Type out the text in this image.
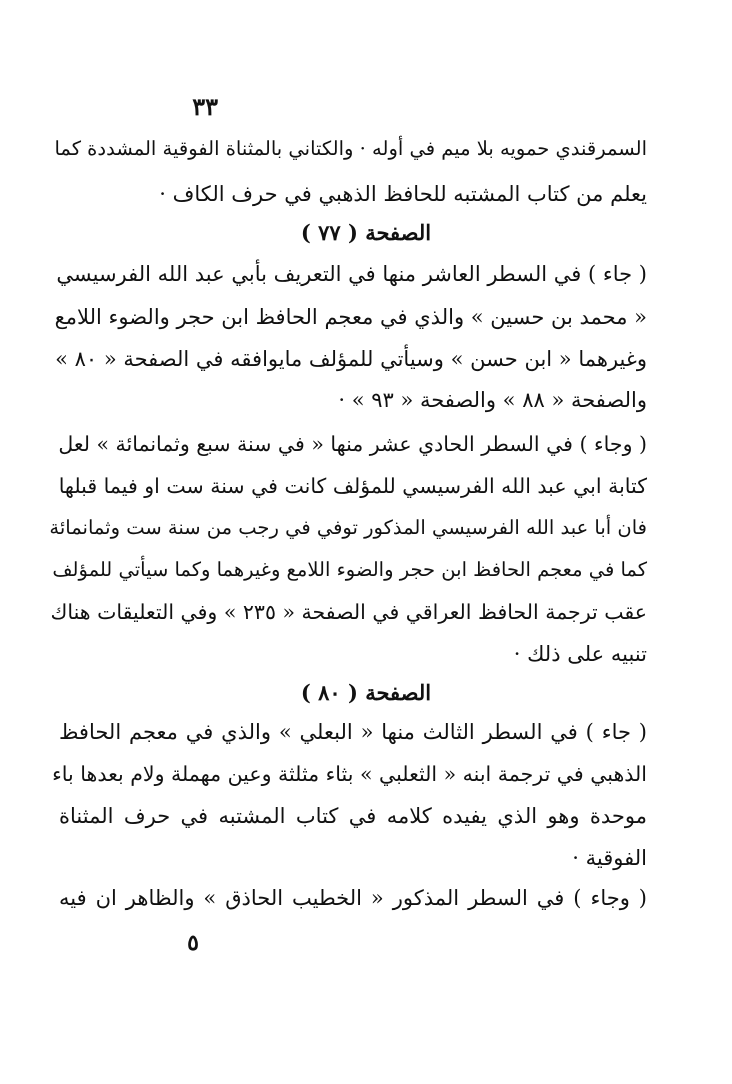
٣٣
السمرقندي حمويه بلا ميم في أوله · والكتاني بالمثناة الفوقية المشددة كما
يعلم من كتاب المشتبه للحافظ الذهبي في حرف الكاف ·
الصفحة ( ٧٧ )
( جاء ) في السطر العاشر منها في التعريف بأبي عبد الله الفرسيسي
« محمد بن حسين » والذي في معجم الحافظ ابن حجر والضوء اللامع
وغيرهما « ابن حسن » وسيأتي للمؤلف مايوافقه في الصفحة « ٨٠ »
والصفحة « ٨٨ » والصفحة « ٩٣ » ·
( وجاء ) في السطر الحادي عشر منها « في سنة سبع وثمانمائة » لعل
كتابة ابي عبد الله الفرسيسي للمؤلف كانت في سنة ست او فيما قبلها
فان أبا عبد الله الفرسيسي المذكور توفي في رجب من سنة ست وثمانمائة
كما في معجم الحافظ ابن حجر والضوء اللامع وغيرهما وكما سيأتي للمؤلف
عقب ترجمة الحافظ العراقي في الصفحة « ٢٣٥ » وفي التعليقات هناك
تنبيه على ذلك ·
الصفحة ( ٨٠ )
( جاء ) في السطر الثالث منها « البعلي » والذي في معجم الحافظ
الذهبي في ترجمة ابنه « الثعلبي » بثاء مثلثة وعين مهملة ولام بعدها باء
موحدة وهو الذي يفيده كلامه في كتاب المشتبه في حرف المثناة
الفوقية ·
( وجاء ) في السطر المذكور « الخطيب الحاذق » والظاهر ان فيه
٥
